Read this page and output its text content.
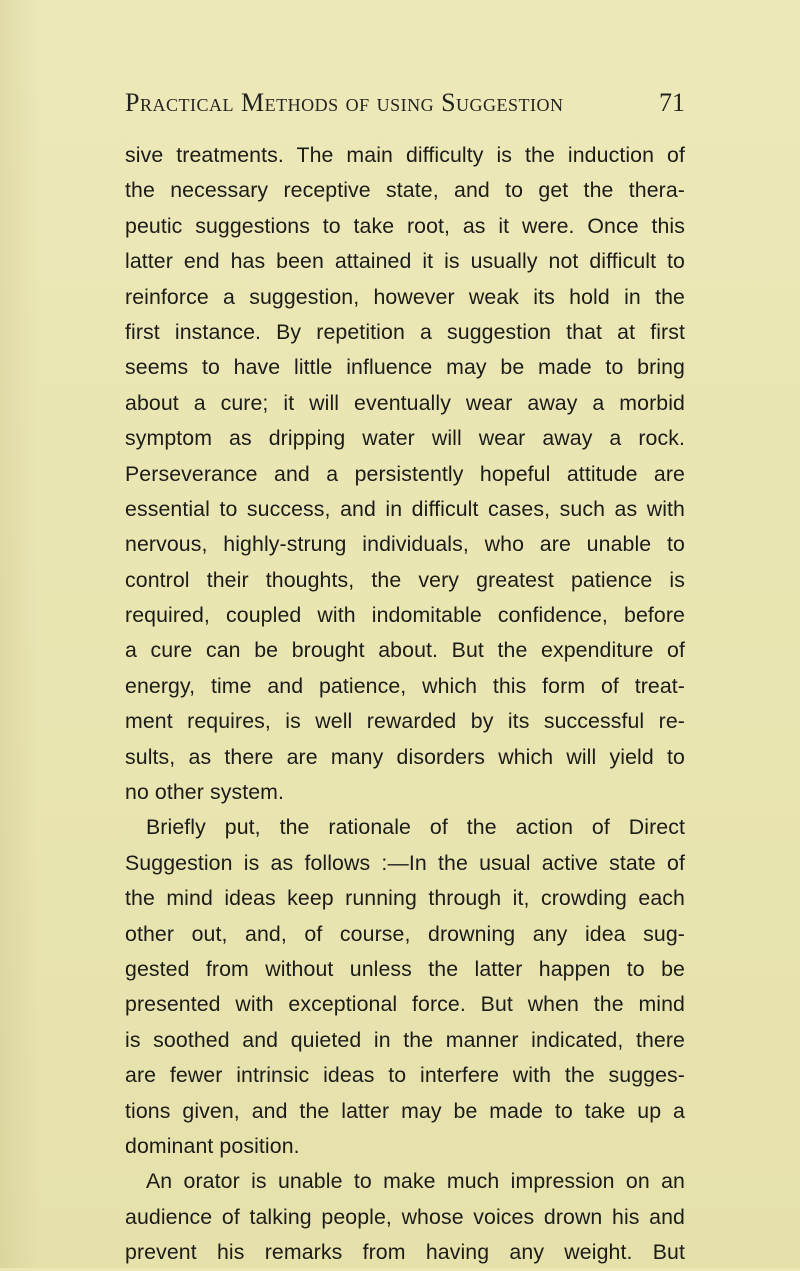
Practical Methods of using Suggestion	71
sive treatments. The main difficulty is the induction of
the necessary receptive state, and to get the thera-
peutic suggestions to take root, as it were. Once this
latter end has been attained it is usually not difficult to
reinforce a suggestion, however weak its hold in the
first instance. By repetition a suggestion that at first
seems to have little influence may be made to bring
about a cure; it will eventually wear away a morbid
symptom as dripping water will wear away a rock.
Perseverance and a persistently hopeful attitude are
essential to success, and in difficult cases, such as with
nervous, highly-strung individuals, who are unable to
control their thoughts, the very greatest patience is
required, coupled with indomitable confidence, before
a cure can be brought about. But the expenditure of
energy, time and patience, which this form of treat-
ment requires, is well rewarded by its successful re-
sults, as there are many disorders which will yield to
no other system.
Briefly put, the rationale of the action of Direct
Suggestion is as follows :—In the usual active state of
the mind ideas keep running through it, crowding each
other out, and, of course, drowning any idea sug-
gested from without unless the latter happen to be
presented with exceptional force. But when the mind
is soothed and quieted in the manner indicated, there
are fewer intrinsic ideas to interfere with the sugges-
tions given, and the latter may be made to take up a
dominant position.
An orator is unable to make much impression on an
audience of talking people, whose voices drown his and
prevent his remarks from having any weight. But
